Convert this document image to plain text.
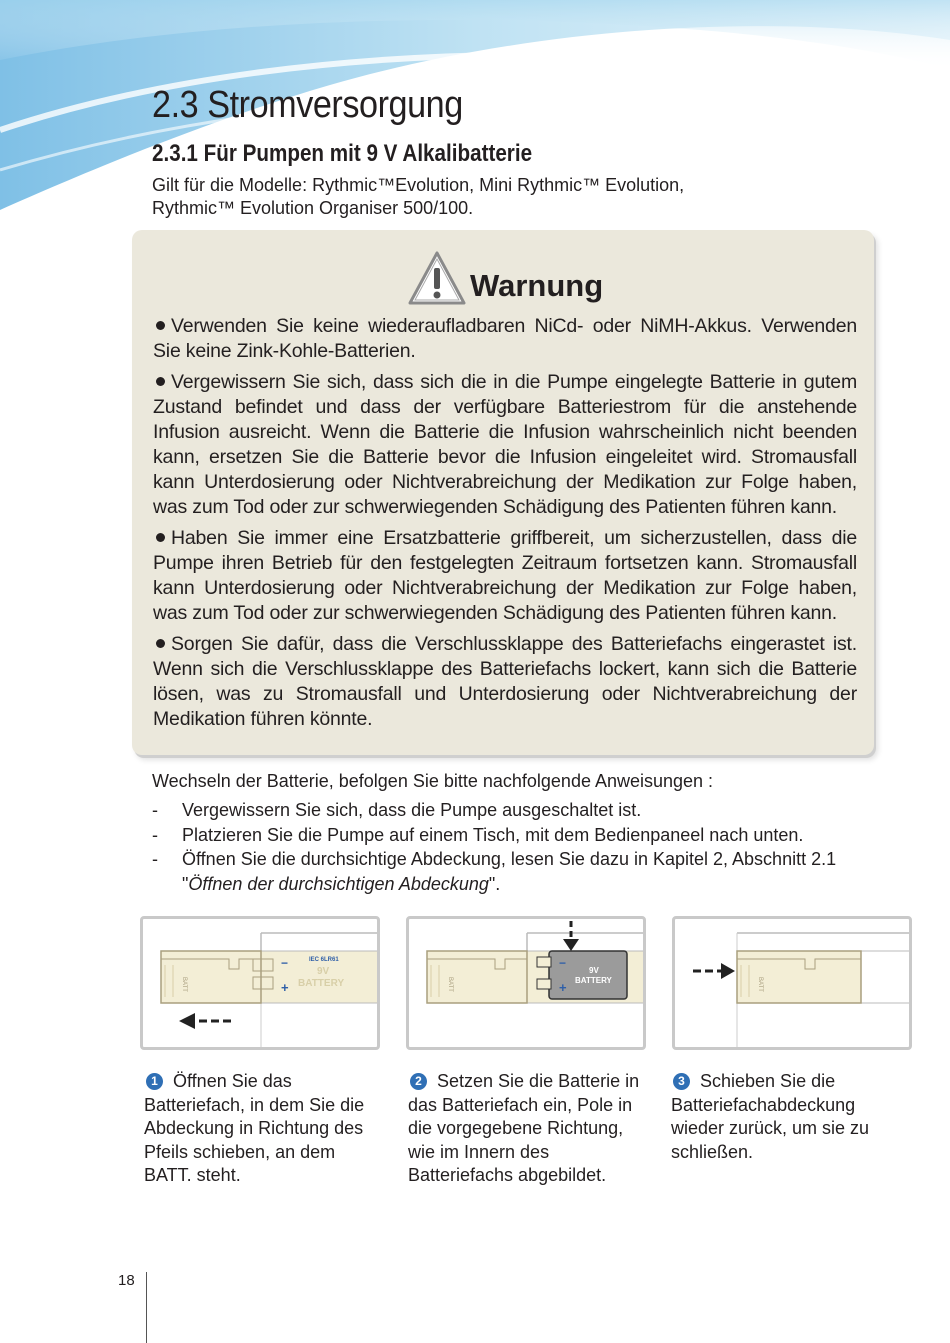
2.3 Stromversorgung
2.3.1 Für Pumpen mit 9 V Alkalibatterie
Gilt für die Modelle: Rythmic™Evolution, Mini Rythmic™ Evolution,
Rythmic™ Evolution Organiser 500/100.
Warnung

Verwenden Sie keine wiederaufladbaren NiCd- oder NiMH-Akkus. Verwenden Sie keine Zink-Kohle-Batterien.

Vergewissern Sie sich, dass sich die in die Pumpe eingelegte Batterie in gutem Zustand befindet und dass der verfügbare Batteriestrom für die anstehende Infusion ausreicht. Wenn die Batterie die Infusion wahrscheinlich nicht beenden kann, ersetzen Sie die Batterie bevor die Infusion eingeleitet wird. Stromausfall kann Unterdosierung oder Nichtverabreichung der Medikation zur Folge haben, was zum Tod oder zur schwerwiegenden Schädigung des Patienten führen kann.

Haben Sie immer eine Ersatzbatterie griffbereit, um sicherzustellen, dass die Pumpe ihren Betrieb für den festgelegten Zeitraum fortsetzen kann. Stromausfall kann Unterdosierung oder Nichtverabreichung der Medikation zur Folge haben, was zum Tod oder zur schwerwiegenden Schädigung des Patienten führen kann.

Sorgen Sie dafür, dass die Verschlussklappe des Batteriefachs eingerastet ist. Wenn sich die Verschlussklappe des Batteriefachs lockert, kann sich die Batterie lösen, was zu Stromausfall und Unterdosierung oder Nichtverabreichung der Medikation führen könnte.

Wechseln der Batterie, befolgen Sie bitte nachfolgende Anweisungen :
-	Vergewissern Sie sich, dass die Pumpe ausgeschaltet ist.
-	Platzieren Sie die Pumpe auf einem Tisch, mit dem Bedienpaneel nach unten.
-	Öffnen Sie die durchsichtige Abdeckung, lesen Sie dazu in Kapitel 2, Abschnitt 2.1 "Öffnen der durchsichtigen Abdeckung".
BATT
−
+
IEC 6LR61
9V
BATTERY	BATT
−
+
9V
BATTERY	BATT
1 Öffnen Sie das Batteriefach, in dem Sie die Abdeckung in Richtung des Pfeils schieben, an dem BATT. steht.
2 Setzen Sie die Batterie in das Batteriefach ein, Pole in die vorgegebene Richtung, wie im Innern des Batteriefachs abgebildet.
3 Schieben Sie die Batteriefachabdeckung wieder zurück, um sie zu schließen.
18
